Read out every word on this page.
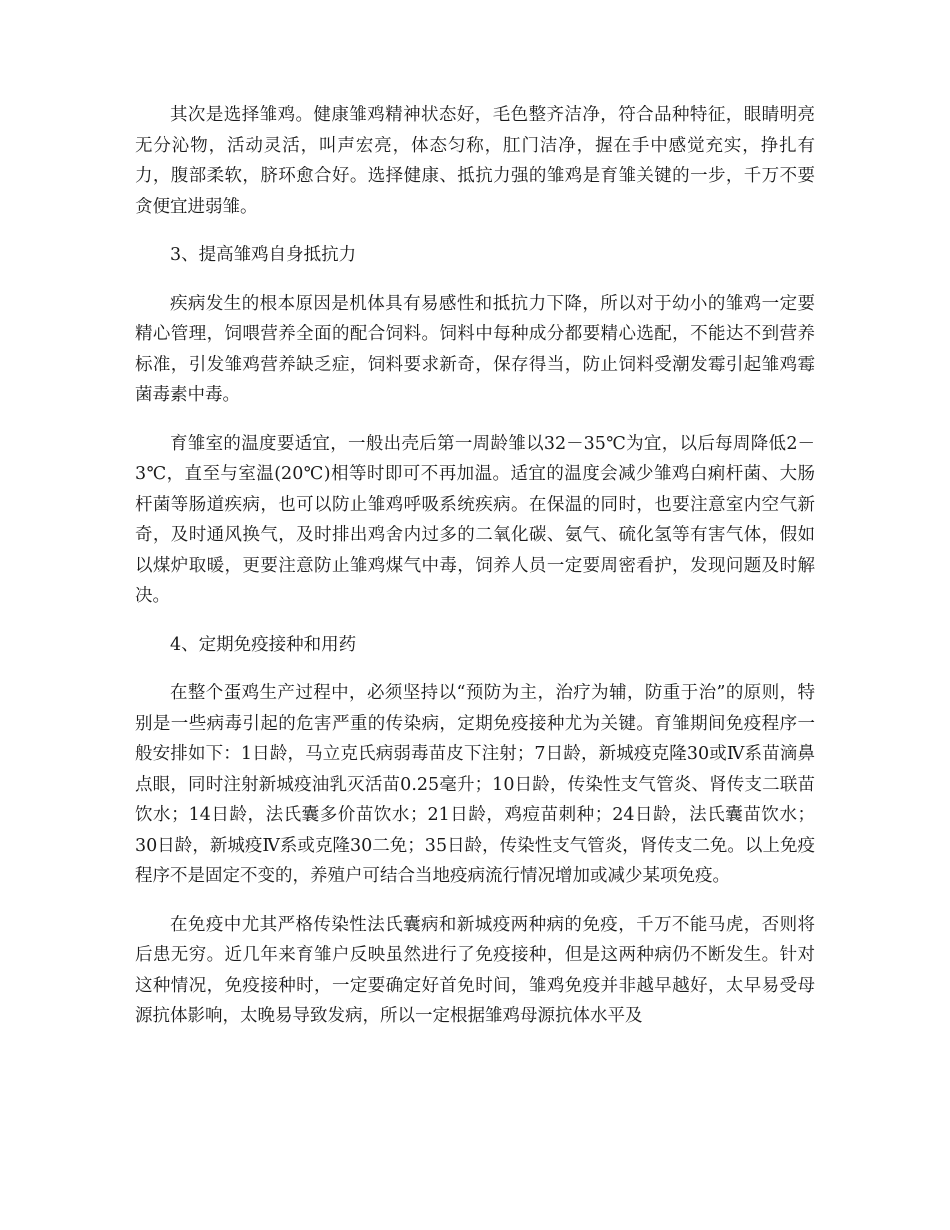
其次是选择雏鸡。健康雏鸡精神状态好，毛色整齐洁净，符合品种特征，眼睛明亮无分沁物，活动灵活，叫声宏亮，体态匀称，肛门洁净，握在手中感觉充实，挣扎有力，腹部柔软，脐环愈合好。选择健康、抵抗力强的雏鸡是育雏关键的一步，千万不要贪便宜进弱雏。

3、提高雏鸡自身抵抗力

疾病发生的根本原因是机体具有易感性和抵抗力下降，所以对于幼小的雏鸡一定要精心管理，饲喂营养全面的配合饲料。饲料中每种成分都要精心选配，不能达不到营养标准，引发雏鸡营养缺乏症，饲料要求新奇，保存得当，防止饲料受潮发霉引起雏鸡霉菌毒素中毒。

育雏室的温度要适宜，一般出壳后第一周龄雏以32－35℃为宜，以后每周降低2－3℃，直至与室温(20℃)相等时即可不再加温。适宜的温度会减少雏鸡白痢杆菌、大肠杆菌等肠道疾病，也可以防止雏鸡呼吸系统疾病。在保温的同时，也要注意室内空气新奇，及时通风换气，及时排出鸡舍内过多的二氧化碳、氨气、硫化氢等有害气体，假如以煤炉取暖，更要注意防止雏鸡煤气中毒，饲养人员一定要周密看护，发现问题及时解决。

4、定期免疫接种和用药

在整个蛋鸡生产过程中，必须坚持以“预防为主，治疗为辅，防重于治”的原则，特别是一些病毒引起的危害严重的传染病，定期免疫接种尤为关键。育雏期间免疫程序一般安排如下：1日龄，马立克氏病弱毒苗皮下注射；7日龄，新城疫克隆30或Ⅳ系苗滴鼻点眼，同时注射新城疫油乳灭活苗0.25毫升；10日龄，传染性支气管炎、肾传支二联苗饮水；14日龄，法氏囊多价苗饮水；21日龄，鸡痘苗刺种；24日龄，法氏囊苗饮水；30日龄，新城疫Ⅳ系或克隆30二免；35日龄，传染性支气管炎，肾传支二免。以上免疫程序不是固定不变的，养殖户可结合当地疫病流行情况增加或减少某项免疫。

在免疫中尤其严格传染性法氏囊病和新城疫两种病的免疫，千万不能马虎，否则将后患无穷。近几年来育雏户反映虽然进行了免疫接种，但是这两种病仍不断发生。针对这种情况，免疫接种时，一定要确定好首免时间，雏鸡免疫并非越早越好，太早易受母源抗体影响，太晚易导致发病，所以一定根据雏鸡母源抗体水平及
